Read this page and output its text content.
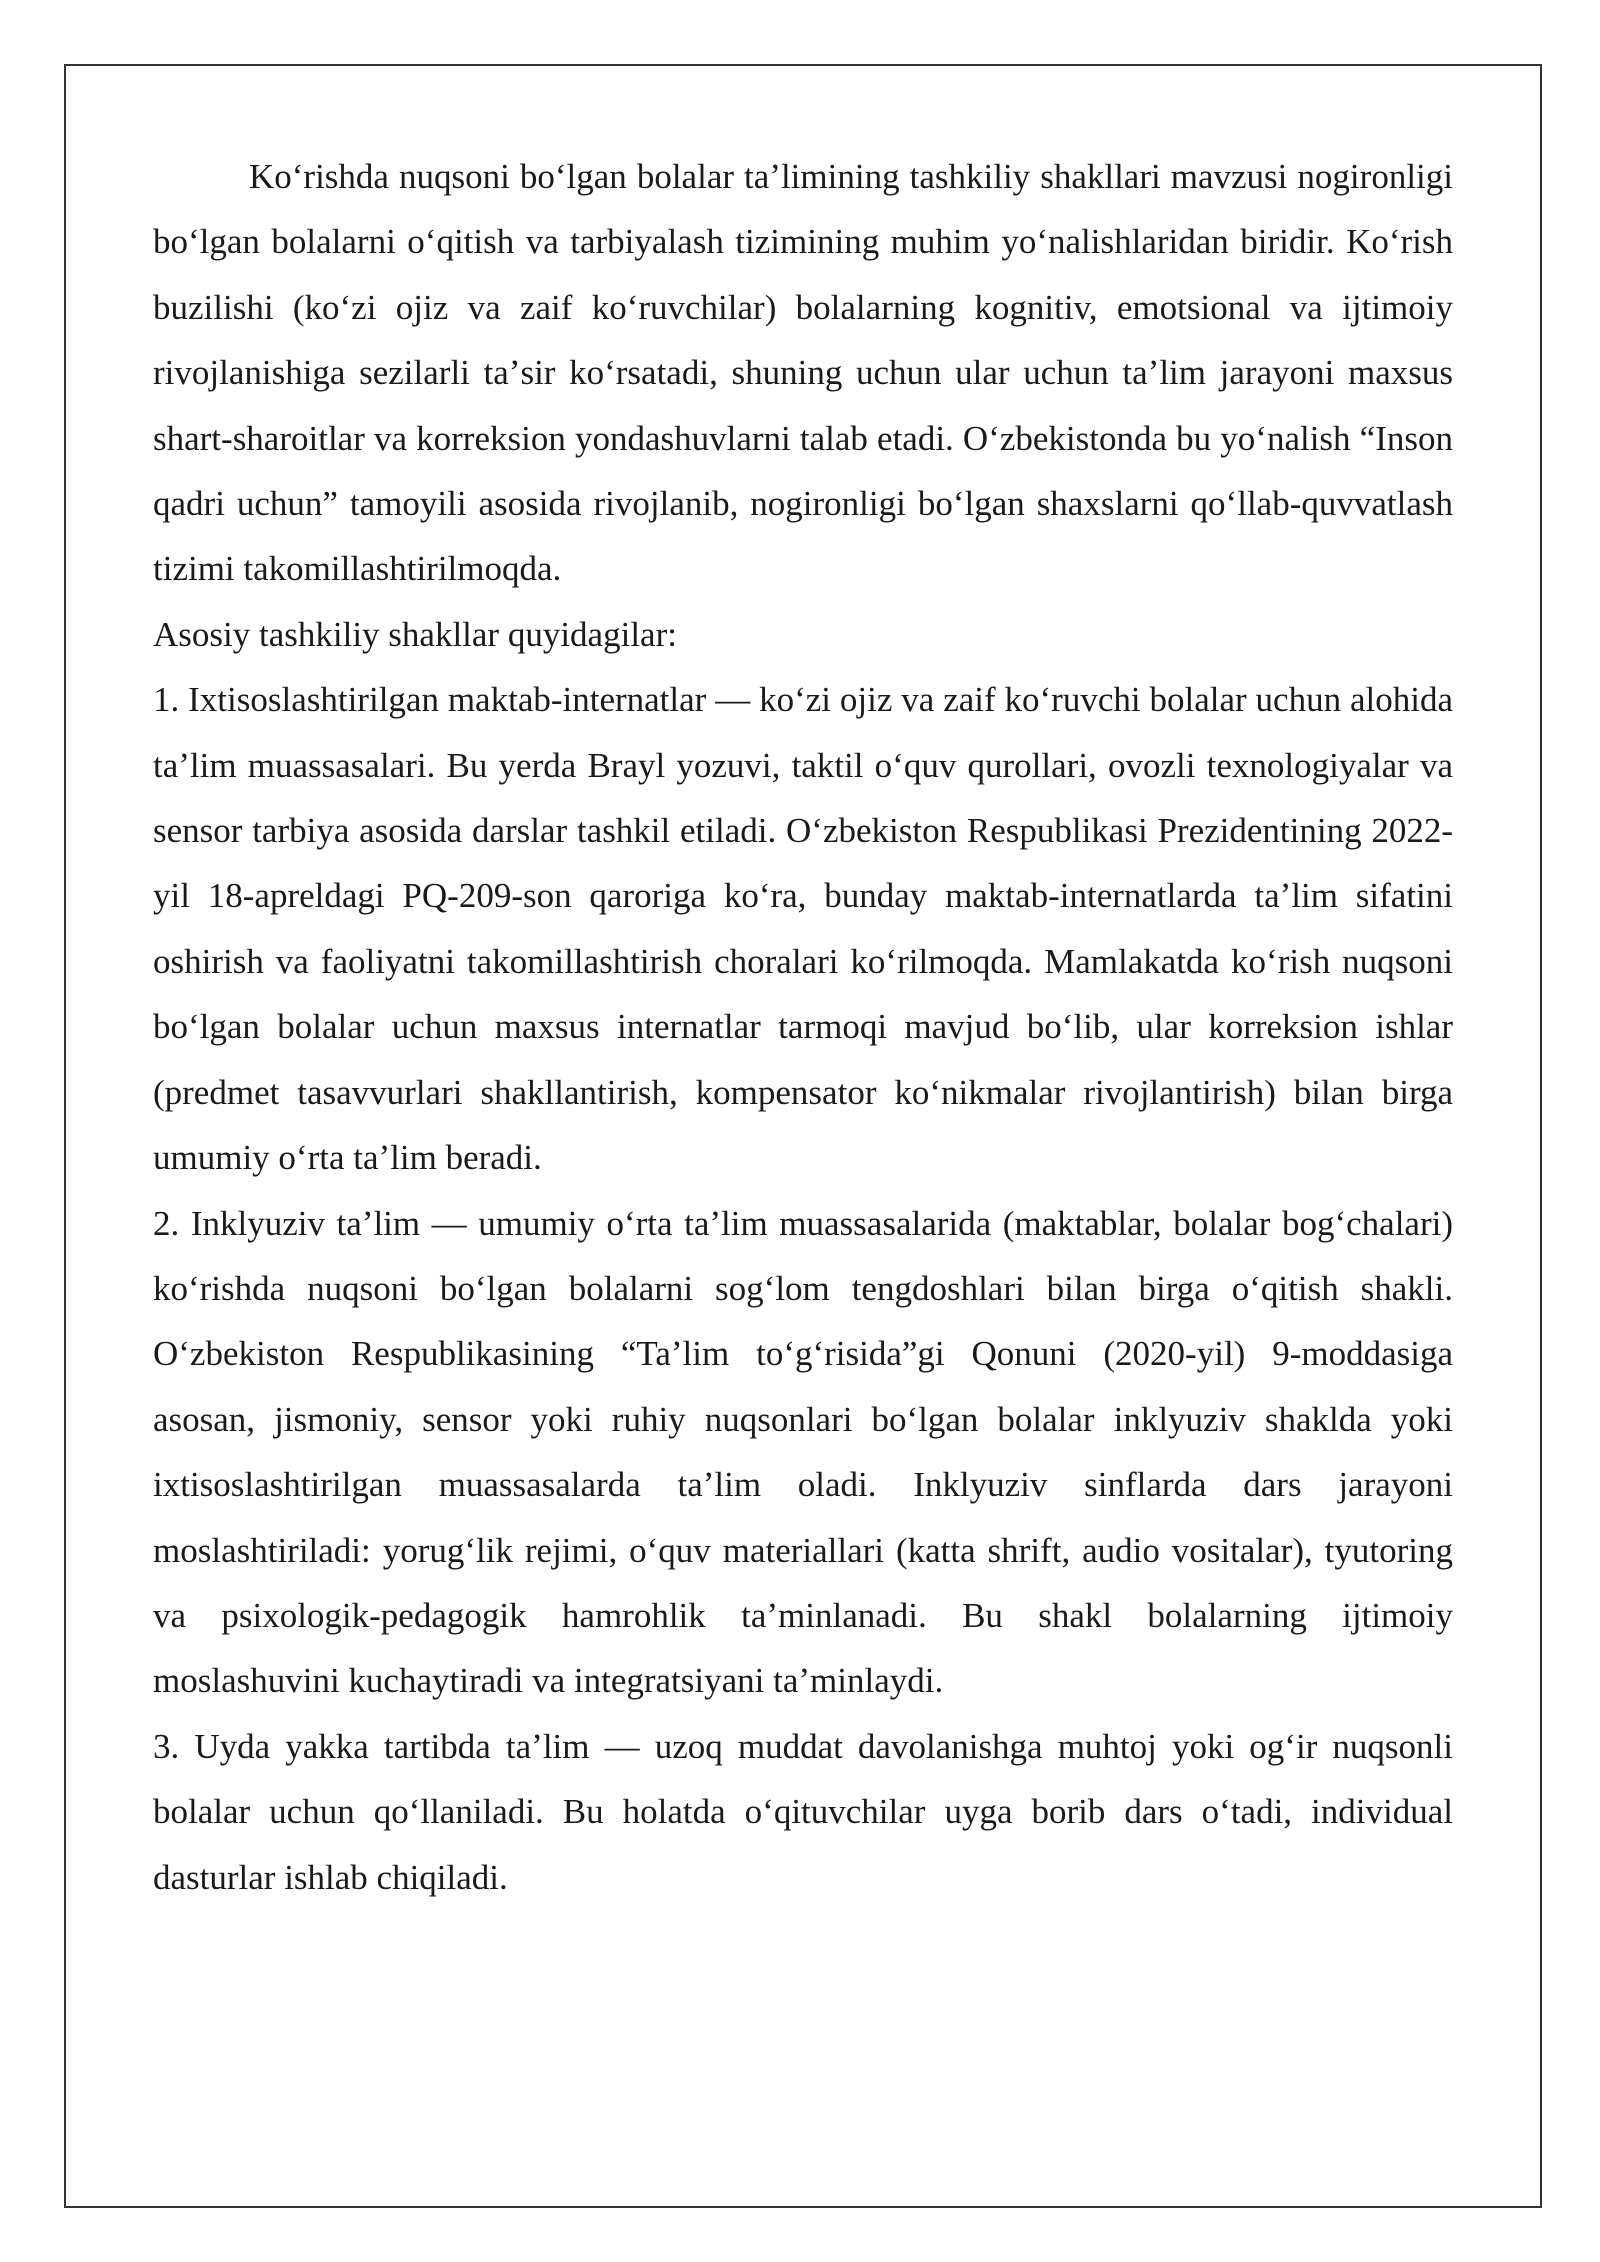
Koʻrishda nuqsoni boʻlgan bolalar taʼlimining tashkiliy shakllari mavzusi nogironligi boʻlgan bolalarni oʻqitish va tarbiyalash tizimining muhim yoʻnalishlaridan biridir. Koʻrish buzilishi (koʻzi ojiz va zaif koʻruvchilar) bolalarning kognitiv, emotsional va ijtimoiy rivojlanishiga sezilarli taʼsir koʻrsatadi, shuning uchun ular uchun taʼlim jarayoni maxsus shart-sharoitlar va korreksion yondashuvlarni talab etadi. Oʻzbekistonda bu yoʻnalish “Inson qadri uchun” tamoyili asosida rivojlanib, nogironligi boʻlgan shaxslarni qoʻllab-quvvatlash tizimi takomillashtirilmoqda.

Asosiy tashkiliy shakllar quyidagilar:

1. Ixtisoslashtirilgan maktab-internatlar — koʻzi ojiz va zaif koʻruvchi bolalar uchun alohida taʼlim muassasalari. Bu yerda Brayl yozuvi, taktil oʻquv qurollari, ovozli texnologiyalar va sensor tarbiya asosida darslar tashkil etiladi. Oʻzbekiston Respublikasi Prezidentining 2022-yil 18-apreldagi PQ-209-son qaroriga koʻra, bunday maktab-internatlarda taʼlim sifatini oshirish va faoliyatni takomillashtirish choralari koʻrilmoqda. Mamlakatda koʻrish nuqsoni boʻlgan bolalar uchun maxsus internatlar tarmoqi mavjud boʻlib, ular korreksion ishlar (predmet tasavvurlari shakllantirish, kompensator koʻnikmalar rivojlantirish) bilan birga umumiy oʻrta taʼlim beradi.

2. Inklyuziv taʼlim — umumiy oʻrta taʼlim muassasalarida (maktablar, bolalar bogʻchalari) koʻrishda nuqsoni boʻlgan bolalarni sogʻlom tengdoshlari bilan birga oʻqitish shakli. Oʻzbekiston Respublikasining “Taʼlim toʻgʻrisida”gi Qonuni (2020-yil) 9-moddasiga asosan, jismoniy, sensor yoki ruhiy nuqsonlari boʻlgan bolalar inklyuziv shaklda yoki ixtisoslashtirilgan muassasalarda taʼlim oladi. Inklyuziv sinflarda dars jarayoni moslashtiriladi: yorugʻlik rejimi, oʻquv materiallari (katta shrift, audio vositalar), tyutoring va psixologik-pedagogik hamrohlik taʼminlanadi. Bu shakl bolalarning ijtimoiy moslashuvini kuchaytiradi va integratsiyani taʼminlaydi.

3. Uyda yakka tartibda taʼlim — uzoq muddat davolanishga muhtoj yoki ogʻir nuqsonli bolalar uchun qoʻllaniladi. Bu holatda oʻqituvchilar uyga borib dars oʻtadi, individual dasturlar ishlab chiqiladi.
